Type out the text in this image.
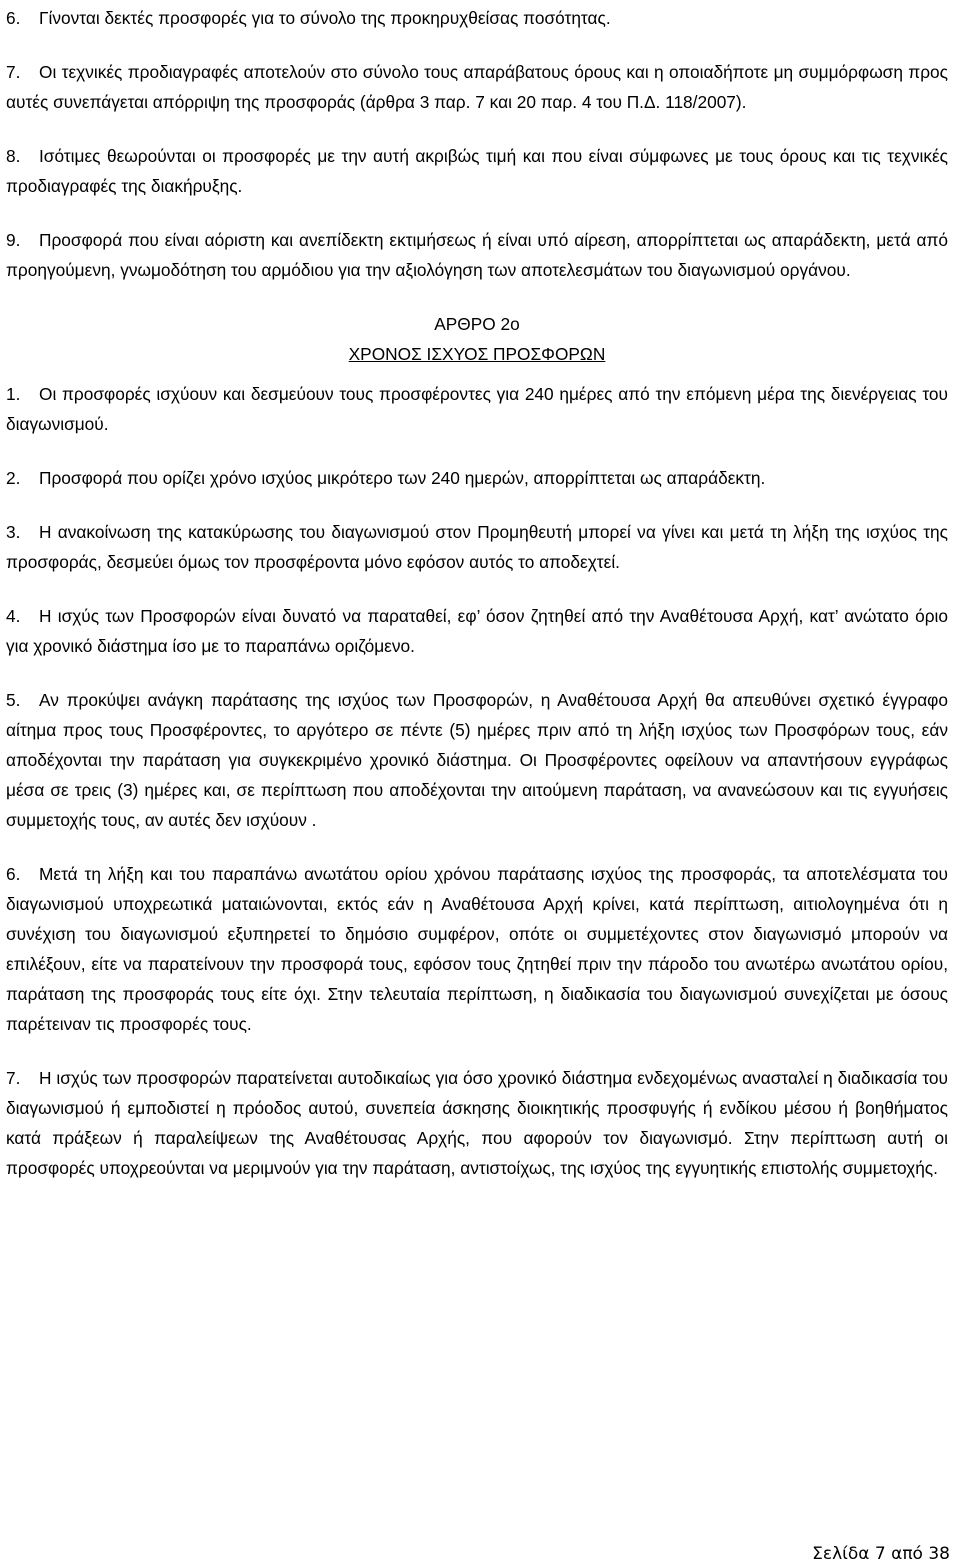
6. Γίνονται δεκτές προσφορές για το σύνολο της προκηρυχθείσας ποσότητας.

7. Οι τεχνικές προδιαγραφές αποτελούν στο σύνολο τους απαράβατους όρους και η οποιαδήποτε μη συμμόρφωση προς αυτές συνεπάγεται απόρριψη της προσφοράς (άρθρα 3 παρ. 7 και 20 παρ. 4 του Π.Δ. 118/2007).

8. Ισότιμες θεωρούνται οι προσφορές με την αυτή ακριβώς τιμή και που είναι σύμφωνες με τους όρους και τις τεχνικές προδιαγραφές της διακήρυξης.

9. Προσφορά που είναι αόριστη και ανεπίδεκτη εκτιμήσεως ή είναι υπό αίρεση, απορρίπτεται ως απαράδεκτη, μετά από προηγούμενη, γνωμοδότηση του αρμόδιου για την αξιολόγηση των αποτελεσμάτων του διαγωνισμού οργάνου.

ΑΡΘΡΟ 2ο

ΧΡΟΝΟΣ ΙΣΧΥΟΣ ΠΡΟΣΦΟΡΩΝ

1. Οι προσφορές ισχύουν και δεσμεύουν τους προσφέροντες για 240 ημέρες από την επόμενη μέρα της διενέργειας του διαγωνισμού.

2. Προσφορά που ορίζει χρόνο ισχύος μικρότερο των 240 ημερών, απορρίπτεται ως απαράδεκτη.

3. Η ανακοίνωση της κατακύρωσης του διαγωνισμού στον Προμηθευτή μπορεί να γίνει και μετά τη λήξη της ισχύος της προσφοράς, δεσμεύει όμως τον προσφέροντα μόνο εφόσον αυτός το αποδεχτεί.

4. Η ισχύς των Προσφορών είναι δυνατό να παραταθεί, εφ’ όσον ζητηθεί από την Αναθέτουσα Αρχή, κατ’ ανώτατο όριο για χρονικό διάστημα ίσο με το παραπάνω οριζόμενο.

5. Αν προκύψει ανάγκη παράτασης της ισχύος των Προσφορών, η Αναθέτουσα Αρχή θα απευθύνει σχετικό έγγραφο αίτημα προς τους Προσφέροντες, το αργότερο σε πέντε (5) ημέρες πριν από τη λήξη ισχύος των Προσφόρων τους, εάν αποδέχονται την παράταση για συγκεκριμένο χρονικό διάστημα. Οι Προσφέροντες οφείλουν να απαντήσουν εγγράφως μέσα σε τρεις (3) ημέρες και, σε περίπτωση που αποδέχονται την αιτούμενη παράταση, να ανανεώσουν και τις εγγυήσεις συμμετοχής τους, αν αυτές δεν ισχύουν .

6. Μετά τη λήξη και του παραπάνω ανωτάτου ορίου χρόνου παράτασης ισχύος της προσφοράς, τα αποτελέσματα του διαγωνισμού υποχρεωτικά ματαιώνονται, εκτός εάν η Αναθέτουσα Αρχή κρίνει, κατά περίπτωση, αιτιολογημένα ότι η συνέχιση του διαγωνισμού εξυπηρετεί το δημόσιο συμφέρον, οπότε οι συμμετέχοντες στον διαγωνισμό μπορούν να επιλέξουν, είτε να παρατείνουν την προσφορά τους, εφόσον τους ζητηθεί πριν την πάροδο του ανωτέρω ανωτάτου ορίου, παράταση της προσφοράς τους είτε όχι. Στην τελευταία περίπτωση, η διαδικασία του διαγωνισμού συνεχίζεται με όσους παρέτειναν τις προσφορές τους.

7. Η ισχύς των προσφορών παρατείνεται αυτοδικαίως για όσο χρονικό διάστημα ενδεχομένως ανασταλεί η διαδικασία του διαγωνισμού ή εμποδιστεί η πρόοδος αυτού, συνεπεία άσκησης διοικητικής προσφυγής ή ενδίκου μέσου ή βοηθήματος κατά πράξεων ή παραλείψεων της Αναθέτουσας Αρχής, που αφορούν τον διαγωνισμό. Στην περίπτωση αυτή οι προσφορές υποχρεούνται να μεριμνούν για την παράταση, αντιστοίχως, της ισχύος της εγγυητικής επιστολής συμμετοχής.

Σελίδα 7 από 38
